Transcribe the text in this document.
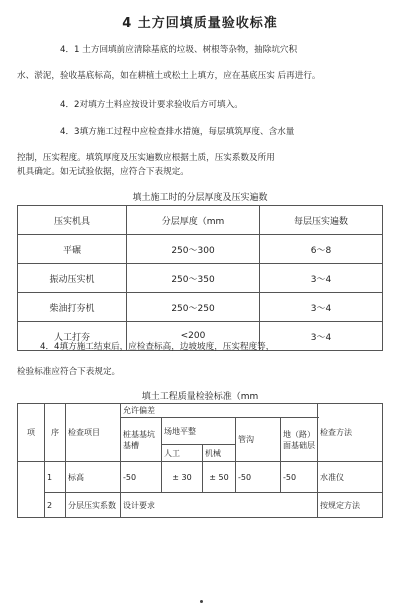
4 土方回填质量验收标准
4．1 土方回填前应清除基底的垃圾、树根等杂物，抽除坑穴积
水、淤泥，验收基底标高，如在耕植土或松土上填方，应在基底压实 后再进行。
4．2对填方土料应按设计要求验收后方可填入。
4．3填方施工过程中应检查排水措施，每层填筑厚度、含水量
控制，压实程度。填筑厚度及压实遍数应根据土质，压实系数及所用
机具确定。如无试验依据，应符合下表规定。
填土施工时的分层厚度及压实遍数
压实机具	分层厚度（mm	每层压实遍数
平碾	250～300	6～8
振动压实机	250～350	3～4
柴油打夯机	250～250	3～4
人工打夯	<200	3～4
4．4填方施工结束后，应检查标高，边坡坡度，压实程度等，
检验标准应符合下表规定。
填土工程质量检验标准（mm
项	序	检查项目	允许偏差					检查方法
			桩基基坑基槽	场地平整		管沟	地（路）面基础层	
				人工	机械			
	1	标高	-50	± 30	± 50	-50	-50	水准仪
	2	分层压实系数	设计要求					按规定方法
